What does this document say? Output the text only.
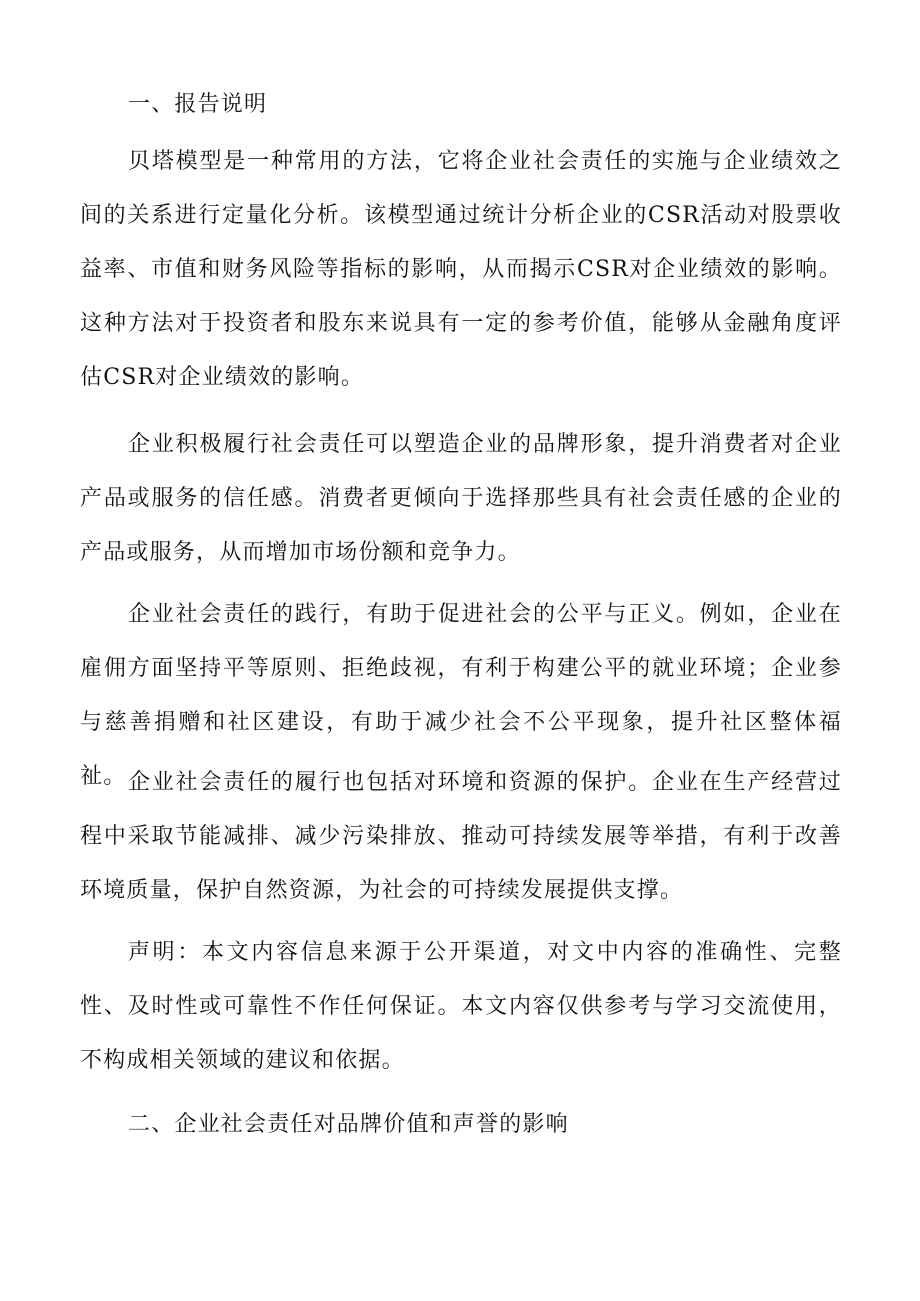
一、报告说明

贝塔模型是一种常用的方法，它将企业社会责任的实施与企业绩效之间的关系进行定量化分析。该模型通过统计分析企业的CSR活动对股票收益率、市值和财务风险等指标的影响，从而揭示CSR对企业绩效的影响。这种方法对于投资者和股东来说具有一定的参考价值，能够从金融角度评估CSR对企业绩效的影响。

企业积极履行社会责任可以塑造企业的品牌形象，提升消费者对企业产品或服务的信任感。消费者更倾向于选择那些具有社会责任感的企业的产品或服务，从而增加市场份额和竞争力。

企业社会责任的践行，有助于促进社会的公平与正义。例如，企业在雇佣方面坚持平等原则、拒绝歧视，有利于构建公平的就业环境；企业参与慈善捐赠和社区建设，有助于减少社会不公平现象，提升社区整体福祉。 企业社会责任的履行也包括对环境和资源的保护。企业在生产经营过程中采取节能减排、减少污染排放、推动可持续发展等举措，有利于改善环境质量，保护自然资源，为社会的可持续发展提供支撑。

声明：本文内容信息来源于公开渠道，对文中内容的准确性、完整性、及时性或可靠性不作任何保证。本文内容仅供参考与学习交流使用，不构成相关领域的建议和依据。

二、企业社会责任对品牌价值和声誉的影响
